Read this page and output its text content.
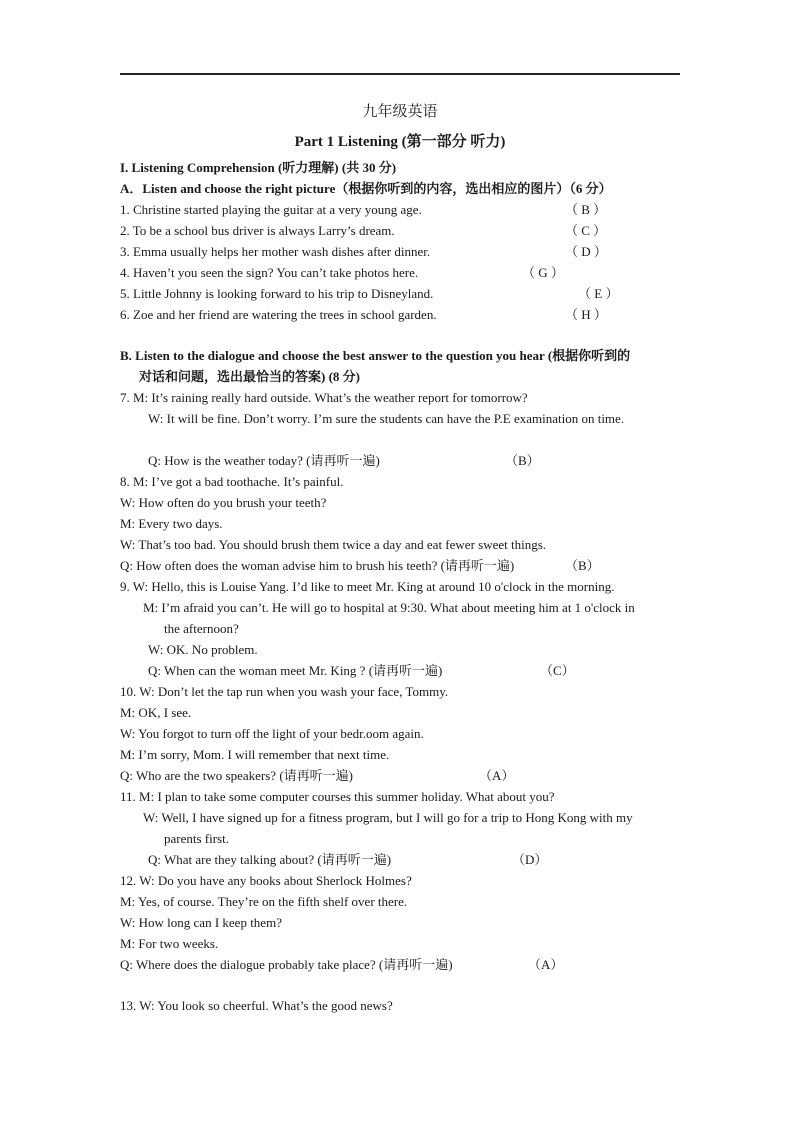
九年级英语
Part 1 Listening (第一部分 听力)
I. Listening Comprehension (听力理解) (共 30 分)
A．Listen and choose the right picture（根据你听到的内容，选出相应的图片）（6 分）
1. Christine started playing the guitar at a very young age.	（ B ）
2. To be a school bus driver is always Larry’s dream.	（ C ）
3. Emma usually helps her mother wash dishes after dinner.	（ D ）
4. Haven’t you seen the sign? You can’t take photos here.	（ G ）
5. Little Johnny is looking forward to his trip to Disneyland.	（ E ）
6. Zoe and her friend are watering the trees in school garden.	（ H ）
B. Listen to the dialogue and choose the best answer to the question you hear (根据你听到的
对话和问题，选出最恰当的答案) (8 分)
7. M: It’s raining really hard outside. What’s the weather report for tomorrow?
W: It will be fine. Don’t worry. I’m sure the students can have the P.E examination on time.
Q: How is the weather today? (请再听一遍)	（B）
8. M: I’ve got a bad toothache. It’s painful.
W: How often do you brush your teeth?
M: Every two days.
W: That’s too bad. You should brush them twice a day and eat fewer sweet things.
Q: How often does the woman advise him to brush his teeth? (请再听一遍)	（B）
9. W: Hello, this is Louise Yang. I’d like to meet Mr. King at around 10 o'clock in the morning.
M: I’m afraid you can’t. He will go to hospital at 9:30. What about meeting him at 1 o'clock in
the afternoon?
W: OK. No problem.
Q: When can the woman meet Mr. King ? (请再听一遍)	（C）
10. W: Don’t let the tap run when you wash your face, Tommy.
M: OK, I see.
W: You forgot to turn off the light of your bedr.oom again.
M: I’m sorry, Mom. I will remember that next time.
Q: Who are the two speakers? (请再听一遍)	（A）
11. M: I plan to take some computer courses this summer holiday. What about you?
W: Well, I have signed up for a fitness program, but I will go for a trip to Hong Kong with my
parents first.
Q: What are they talking about? (请再听一遍)	（D）
12. W: Do you have any books about Sherlock Holmes?
M: Yes, of course. They’re on the fifth shelf over there.
W: How long can I keep them?
M: For two weeks.
Q: Where does the dialogue probably take place? (请再听一遍)	（A）
13. W: You look so cheerful. What’s the good news?
